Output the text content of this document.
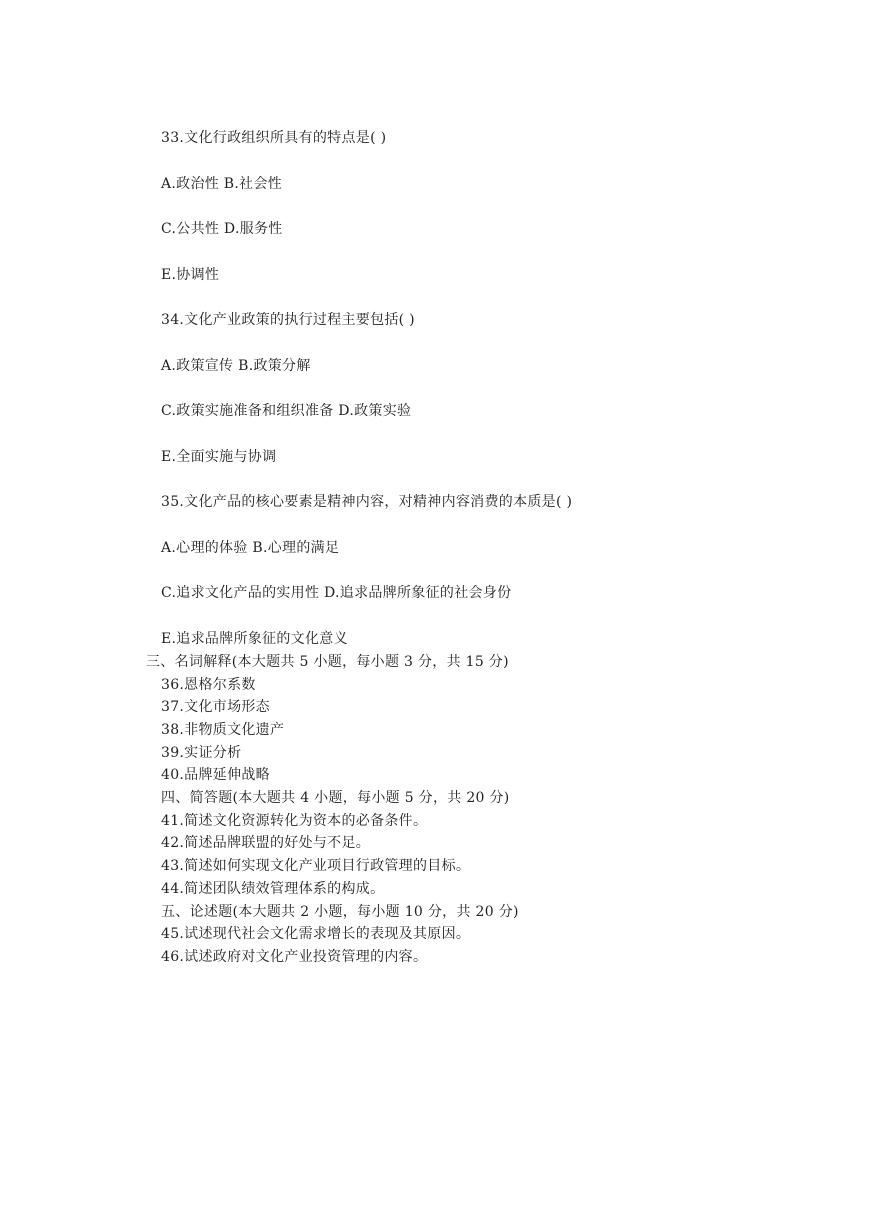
33.文化行政组织所具有的特点是( )
A.政治性 B.社会性
C.公共性 D.服务性
E.协调性
34.文化产业政策的执行过程主要包括( )
A.政策宣传 B.政策分解
C.政策实施准备和组织准备 D.政策实验
E.全面实施与协调
35.文化产品的核心要素是精神内容，对精神内容消费的本质是( )
A.心理的体验 B.心理的满足
C.追求文化产品的实用性 D.追求品牌所象征的社会身份
E.追求品牌所象征的文化意义
三、名词解释(本大题共 5 小题，每小题 3 分，共 15 分)
36.恩格尔系数
37.文化市场形态
38.非物质文化遗产
39.实证分析
40.品牌延伸战略
四、简答题(本大题共 4 小题，每小题 5 分，共 20 分)
41.简述文化资源转化为资本的必备条件。
42.简述品牌联盟的好处与不足。
43.简述如何实现文化产业项目行政管理的目标。
44.简述团队绩效管理体系的构成。
五、论述题(本大题共 2 小题，每小题 10 分，共 20 分)
45.试述现代社会文化需求增长的表现及其原因。
46.试述政府对文化产业投资管理的内容。
